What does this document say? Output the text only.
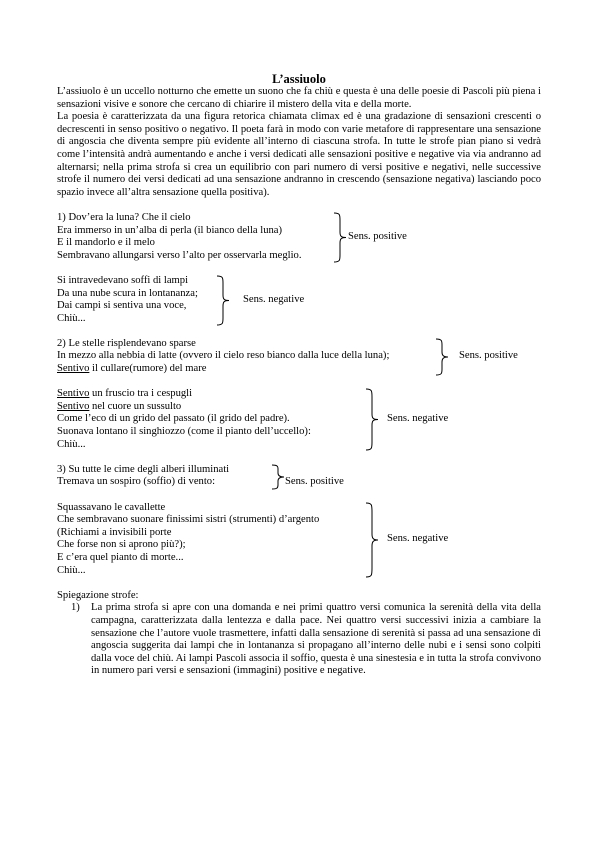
L’assiuolo

L’assiuolo è un uccello notturno che emette un suono che fa chiù e questa è una delle poesie di Pascoli più piena i sensazioni visive e sonore che cercano di chiarire il mistero della vita e della morte.

La poesia è caratterizzata da una figura retorica chiamata climax ed è una gradazione di sensazioni crescenti o decrescenti in senso positivo o negativo. Il poeta farà in modo con varie metafore di rappresentare una sensazione di angoscia che diventa sempre più evidente all’interno di ciascuna strofa. In tutte le strofe pian piano si vedrà come l’intensità andrà aumentando e anche i versi dedicati alle sensazioni positive e negative via via andranno ad alternarsi; nella prima strofa si crea un equilibrio con pari numero di versi positive e negativi, nelle successive strofe il numero dei versi dedicati ad una sensazione andranno in crescendo (sensazione negativa) lasciando poco spazio invece all’altra sensazione quella positiva).

1) Dov’era la luna? Che il cielo
Era immerso in un’alba di perla (il bianco della luna)
E il mandorlo e il melo
Sembravano allungarsi verso l’alto per osservarla meglio.
Sens. positive
Si intravedevano soffi di lampi
Da una nube scura in lontananza;
Dai campi si sentiva una voce,
Chiù...
Sens. negative
2) Le stelle risplendevano sparse
In mezzo alla nebbia di latte (ovvero il cielo reso bianco dalla luce della luna);
Sentivo il cullare(rumore) del mare
Sens. positive
Sentivo un fruscio tra i cespugli
Sentivo nel cuore un sussulto
Come l’eco di un grido del passato (il grido del padre).
Suonava lontano il singhiozzo (come il pianto dell’uccello):
Chiù...
Sens. negative
3) Su tutte le cime degli alberi illuminati
Tremava un sospiro (soffio) di vento:	Sens. positive
Squassavano le cavallette
Che sembravano suonare finissimi sistri (strumenti) d’argento
(Richiami a invisibili porte
Che forse non si aprono più?);
E c’era quel pianto di morte...
Chiù...
Sens. negative
Spiegazione strofe:
1) La prima strofa si apre con una domanda e nei primi quattro versi comunica la serenità della vita della campagna, caratterizzata dalla lentezza e dalla pace. Nei quattro versi successivi inizia a cambiare la sensazione che l’autore vuole trasmettere, infatti dalla sensazione di serenità si passa ad una sensazione di angoscia suggerita dai lampi che in lontananza si propagano all’interno delle nubi e i sensi sono colpiti dalla voce del chiù. Ai lampi Pascoli associa il soffio, questa è una sinestesia e in tutta la strofa convivono in numero pari versi e sensazioni (immagini) positive e negative.
